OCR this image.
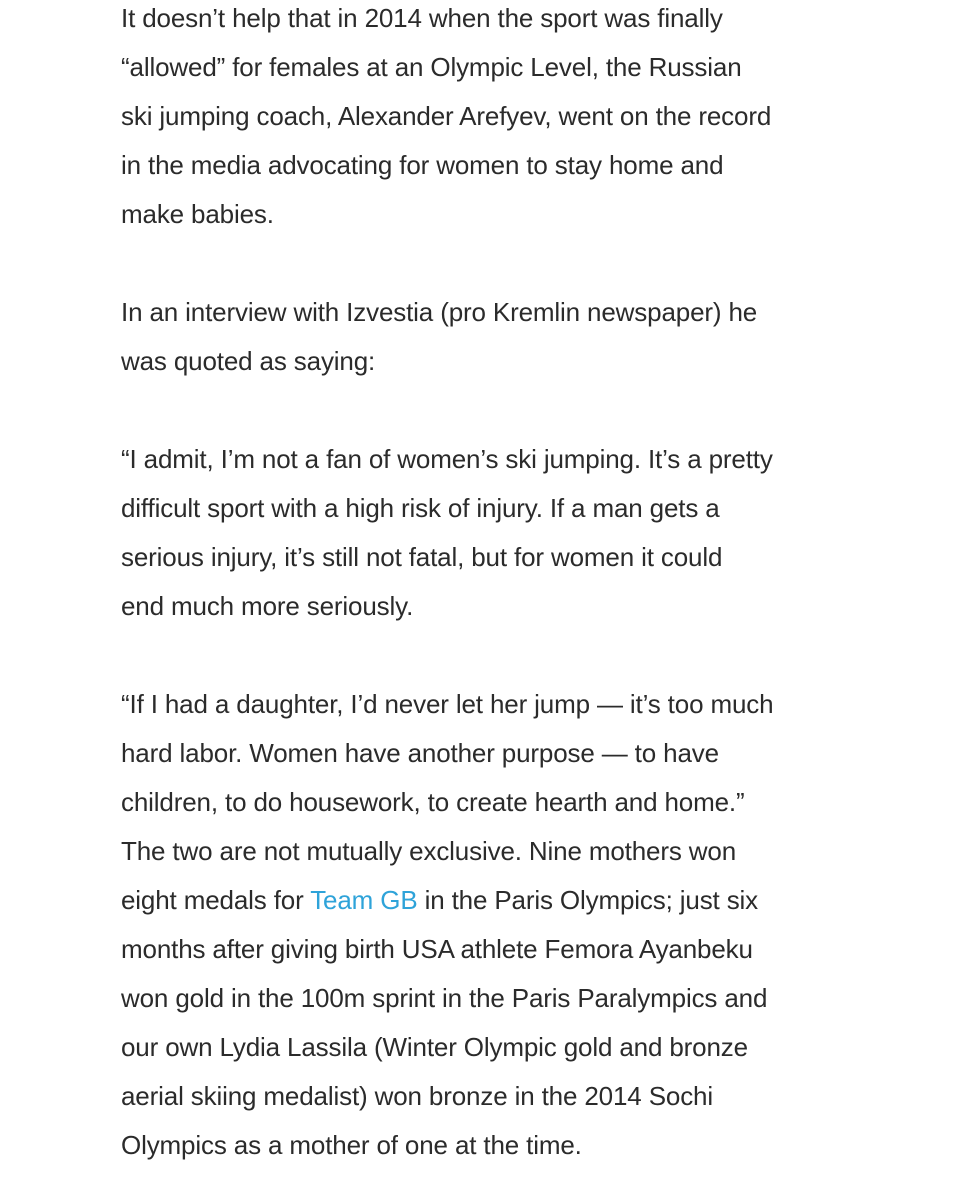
It doesn’t help that in 2014 when the sport was finally
“allowed” for females at an Olympic Level, the Russian
ski jumping coach, Alexander Arefyev, went on the record
in the media advocating for women to stay home and
make babies.

In an interview with Izvestia (pro Kremlin newspaper) he
was quoted as saying:

“I admit, I’m not a fan of women’s ski jumping. It’s a pretty
difficult sport with a high risk of injury. If a man gets a
serious injury, it’s still not fatal, but for women it could
end much more seriously.

“If I had a daughter, I’d never let her jump — it’s too much
hard labor. Women have another purpose — to have
children, to do housework, to create hearth and home.”
The two are not mutually exclusive. Nine mothers won
eight medals for Team GB in the Paris Olympics; just six
months after giving birth USA athlete Femora Ayanbeku
won gold in the 100m sprint in the Paris Paralympics and
our own Lydia Lassila (Winter Olympic gold and bronze
aerial skiing medalist) won bronze in the 2014 Sochi
Olympics as a mother of one at the time.
